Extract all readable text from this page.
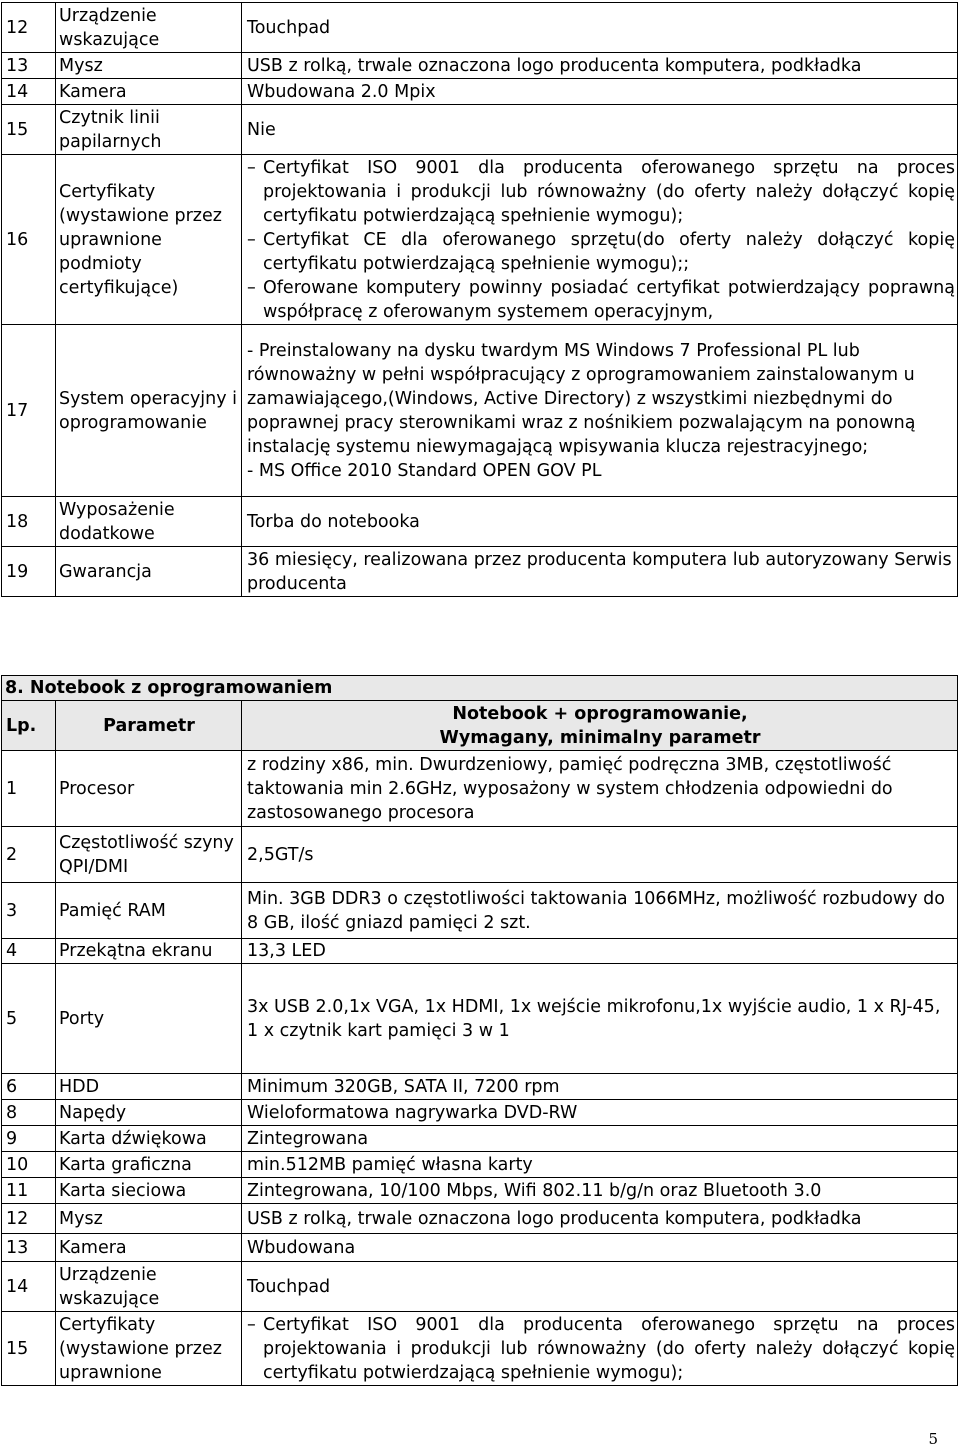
12	Urządzenie wskazujące	Touchpad
13	Mysz	USB z rolką, trwale oznaczona logo producenta komputera, podkładka
14	Kamera	Wbudowana 2.0 Mpix
15	Czytnik linii papilarnych	Nie
16	Certyfikaty (wystawione przez uprawnione podmioty certyfikujące)	– Certyfikat ISO 9001 dla producenta oferowanego sprzętu na proces projektowania i produkcji lub równoważny (do oferty należy dołączyć kopię certyfikatu potwierdzającą spełnienie wymogu);
– Certyfikat CE dla oferowanego sprzętu(do oferty należy dołączyć kopię certyfikatu potwierdzającą spełnienie wymogu);;
– Oferowane komputery powinny posiadać certyfikat potwierdzający poprawną współpracę z oferowanym systemem operacyjnym,

17	System operacyjny i oprogramowanie	- Preinstalowany na dysku twardym MS Windows 7 Professional PL lub równoważny w pełni współpracujący z oprogramowaniem zainstalowanym u zamawiającego,(Windows, Active Directory) z wszystkimi niezbędnymi do poprawnej pracy sterownikami wraz z nośnikiem pozwalającym na ponowną instalację systemu niewymagającą wpisywania klucza rejestracyjnego;
- MS Office 2010 Standard OPEN GOV PL

18	Wyposażenie dodatkowe	Torba do notebooka
19	Gwarancja	36 miesięcy, realizowana przez producenta komputera lub autoryzowany Serwis producenta
8. Notebook z oprogramowaniem		
Lp.	Parametr	Notebook + oprogramowanie,
Wymagany, minimalny parametr

1	Procesor	z rodziny x86, min. Dwurdzeniowy, pamięć podręczna 3MB, częstotliwość taktowania min 2.6GHz, wyposażony w system chłodzenia odpowiedni do zastosowanego procesora
2	Częstotliwość szyny QPI/DMI	2,5GT/s
3	Pamięć RAM	Min. 3GB DDR3 o częstotliwości taktowania 1066MHz, możliwość rozbudowy do 8 GB, ilość gniazd pamięci 2 szt.
4	Przekątna ekranu	13,3 LED
5	Porty	3x USB 2.0,1x VGA, 1x HDMI, 1x wejście mikrofonu,1x wyjście audio, 1 x RJ-45, 1 x czytnik kart pamięci 3 w 1
6	HDD	Minimum 320GB, SATA II, 7200 rpm
8	Napędy	Wieloformatowa nagrywarka DVD-RW
9	Karta dźwiękowa	Zintegrowana
10	Karta graficzna	min.512MB pamięć własna karty
11	Karta sieciowa	Zintegrowana, 10/100 Mbps, Wifi 802.11 b/g/n oraz Bluetooth 3.0
12	Mysz	USB z rolką, trwale oznaczona logo producenta komputera, podkładka
13	Kamera	Wbudowana
14	Urządzenie wskazujące	Touchpad
15	Certyfikaty (wystawione przez uprawnione	– Certyfikat ISO 9001 dla producenta oferowanego sprzętu na proces projektowania i produkcji lub równoważny (do oferty należy dołączyć kopię certyfikatu potwierdzającą spełnienie wymogu);
5
